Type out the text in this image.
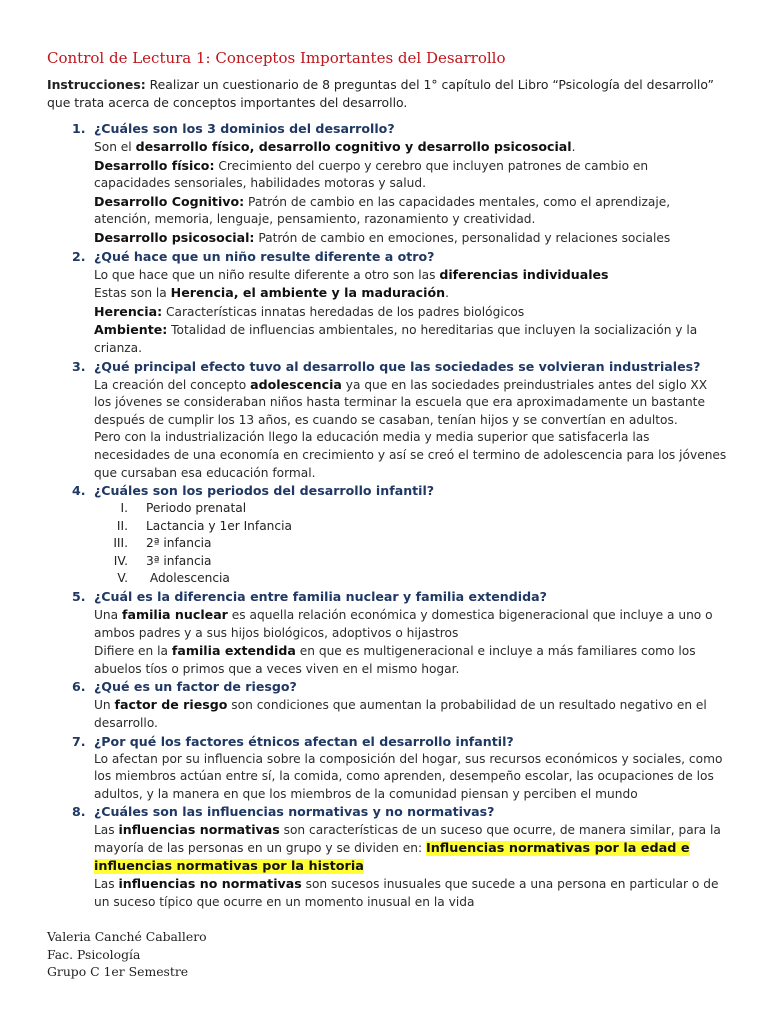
Control de Lectura 1: Conceptos Importantes del Desarrollo
Instrucciones: Realizar un cuestionario de 8 preguntas del 1° capítulo del Libro “Psicología del desarrollo” que trata acerca de conceptos importantes del desarrollo.
1. ¿Cuáles son los 3 dominios del desarrollo?
Son el desarrollo físico, desarrollo cognitivo y desarrollo psicosocial.
Desarrollo físico: Crecimiento del cuerpo y cerebro que incluyen patrones de cambio en capacidades sensoriales, habilidades motoras y salud.
Desarrollo Cognitivo: Patrón de cambio en las capacidades mentales, como el aprendizaje, atención, memoria, lenguaje, pensamiento, razonamiento y creatividad.
Desarrollo psicosocial: Patrón de cambio en emociones, personalidad y relaciones sociales
2. ¿Qué hace que un niño resulte diferente a otro?
Lo que hace que un niño resulte diferente a otro son las diferencias individuales
Estas son la Herencia, el ambiente y la maduración.
Herencia: Características innatas heredadas de los padres biológicos
Ambiente: Totalidad de influencias ambientales, no hereditarias que incluyen la socialización y la crianza.
3. ¿Qué principal efecto tuvo al desarrollo que las sociedades se volvieran industriales?
La creación del concepto adolescencia ya que en las sociedades preindustriales antes del siglo XX los jóvenes se consideraban niños hasta terminar la escuela que era aproximadamente un bastante después de cumplir los 13 años, es cuando se casaban, tenían hijos y se convertían en adultos.
Pero con la industrialización llego la educación media y media superior que satisfacerla las necesidades de una economía en crecimiento y así se creó el termino de adolescencia para los jóvenes que cursaban esa educación formal.
4. ¿Cuáles son los periodos del desarrollo infantil?
I. Periodo prenatal
II. Lactancia y 1er Infancia
III. 2ª infancia
IV. 3ª infancia
V. Adolescencia
5. ¿Cuál es la diferencia entre familia nuclear y familia extendida?
Una familia nuclear es aquella relación económica y domestica bigeneracional que incluye a uno o ambos padres y a sus hijos biológicos, adoptivos o hijastros
Difiere en la familia extendida en que es multigeneracional e incluye a más familiares como los abuelos tíos o primos que a veces viven en el mismo hogar.
6. ¿Qué es un factor de riesgo?
Un factor de riesgo son condiciones que aumentan la probabilidad de un resultado negativo en el desarrollo.
7. ¿Por qué los factores étnicos afectan el desarrollo infantil?
Lo afectan por su influencia sobre la composición del hogar, sus recursos económicos y sociales, como los miembros actúan entre sí, la comida, como aprenden, desempeño escolar, las ocupaciones de los adultos, y la manera en que los miembros de la comunidad piensan y perciben el mundo
8. ¿Cuáles son las influencias normativas y no normativas?
Las influencias normativas son características de un suceso que ocurre, de manera similar, para la mayoría de las personas en un grupo y se dividen en: Influencias normativas por la edad e influencias normativas por la historia
Las influencias no normativas son sucesos inusuales que sucede a una persona en particular o de un suceso típico que ocurre en un momento inusual en la vida
Valeria Canché Caballero
Fac. Psicología
Grupo C 1er Semestre
